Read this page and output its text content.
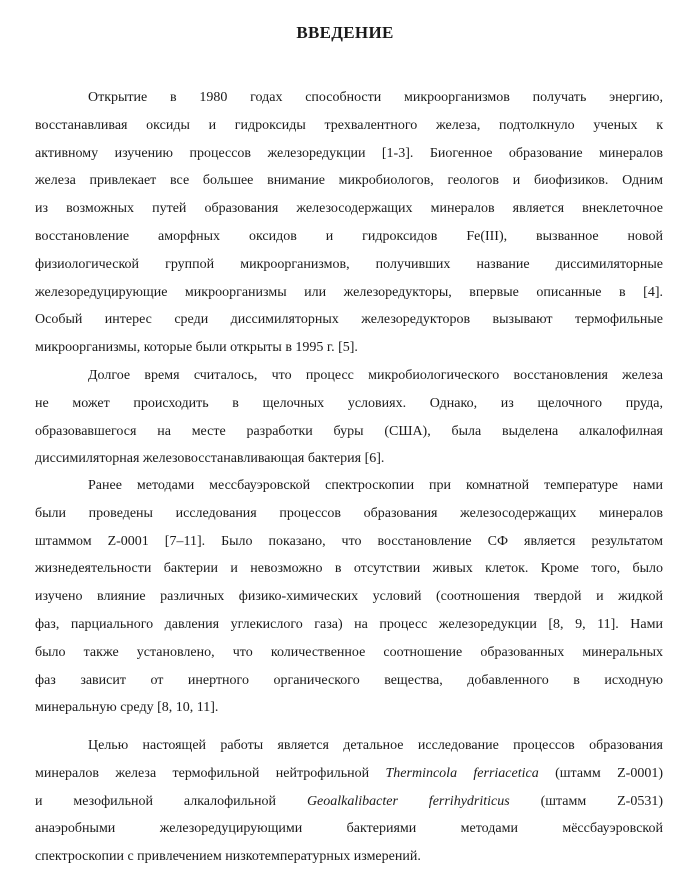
ВВЕДЕНИЕ
Открытие в 1980 годах способности микроорганизмов получать энергию,
восстанавливая оксиды и гидроксиды трехвалентного железа, подтолкнуло ученых к
активному изучению процессов железоредукции [1-3]. Биогенное образование минералов
железа привлекает все большее внимание микробиологов, геологов и биофизиков. Одним
из возможных путей образования железосодержащих минералов является внеклеточное
восстановление аморфных оксидов и гидроксидов Fe(III), вызванное новой
физиологической группой микроорганизмов, получивших название диссимиляторные
железоредуцирующие микроорганизмы или железоредукторы, впервые описанные в [4].
Особый интерес среди диссимиляторных железоредукторов вызывают термофильные
микроорганизмы, которые были открыты в 1995 г. [5].
Долгое время считалось, что процесс микробиологического восстановления железа
не может происходить в щелочных условиях. Однако, из щелочного пруда,
образовавшегося на месте разработки буры (США), была выделена алкалофилная
диссимиляторная железовосстанавливающая бактерия [6].
Ранее методами мессбауэровской спектроскопии при комнатной температуре нами
были проведены исследования процессов образования железосодержащих минералов
штаммом Z-0001 [7–11]. Было показано, что восстановление СФ является результатом
жизнедеятельности бактерии и невозможно в отсутствии живых клеток. Кроме того, было
изучено влияние различных физико-химических условий (соотношения твердой и жидкой
фаз, парциального давления углекислого газа) на процесс железоредукции [8, 9, 11]. Нами
было также установлено, что количественное соотношение образованных минеральных
фаз зависит от инертного органического вещества, добавленного в исходную
минеральную среду [8, 10, 11].
Целью настоящей работы является детальное исследование процессов образования
минералов железа термофильной нейтрофильной Thermincola ferriacetica (штамм Z-0001)
и мезофильной алкалофильной Geoalkalibacter ferrihydriticus (штамм Z-0531)
анаэробными железоредуцирующими бактериями методами мёссбауэровской
спектроскопии с привлечением низкотемпературных измерений.
